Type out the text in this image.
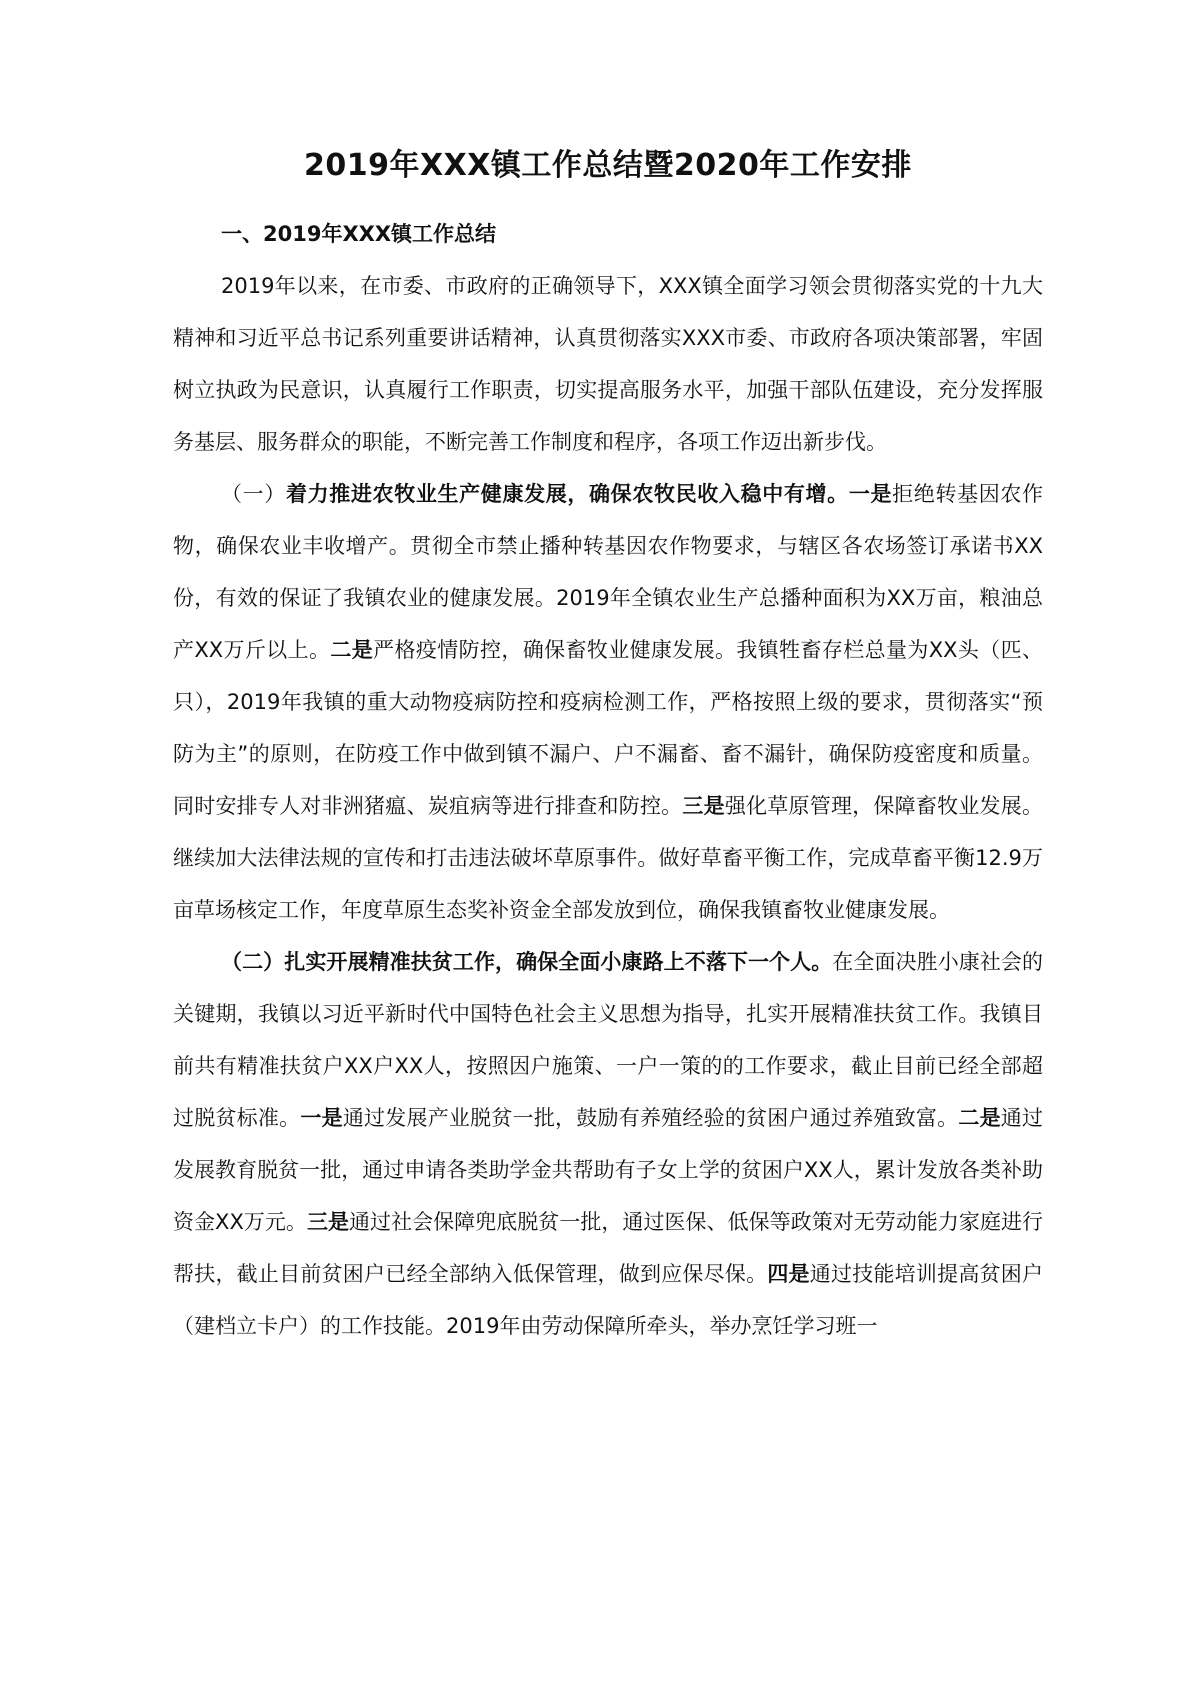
2019年XXX镇工作总结暨2020年工作安排
一、2019年XXX镇工作总结

2019年以来，在市委、市政府的正确领导下，XXX镇全面学习领会贯彻落实党的十九大精神和习近平总书记系列重要讲话精神，认真贯彻落实XXX市委、市政府各项决策部署，牢固树立执政为民意识，认真履行工作职责，切实提高服务水平，加强干部队伍建设，充分发挥服务基层、服务群众的职能，不断完善工作制度和程序，各项工作迈出新步伐。

（一）着力推进农牧业生产健康发展，确保农牧民收入稳中有增。一是拒绝转基因农作物，确保农业丰收增产。贯彻全市禁止播种转基因农作物要求，与辖区各农场签订承诺书XX份，有效的保证了我镇农业的健康发展。2019年全镇农业生产总播种面积为XX万亩，粮油总产XX万斤以上。二是严格疫情防控，确保畜牧业健康发展。我镇牲畜存栏总量为XX头（匹、只），2019年我镇的重大动物疫病防控和疫病检测工作，严格按照上级的要求，贯彻落实“预防为主”的原则，在防疫工作中做到镇不漏户、户不漏畜、畜不漏针，确保防疫密度和质量。同时安排专人对非洲猪瘟、炭疽病等进行排查和防控。三是强化草原管理，保障畜牧业发展。继续加大法律法规的宣传和打击违法破坏草原事件。做好草畜平衡工作，完成草畜平衡12.9万亩草场核定工作，年度草原生态奖补资金全部发放到位，确保我镇畜牧业健康发展。

（二）扎实开展精准扶贫工作，确保全面小康路上不落下一个人。在全面决胜小康社会的关键期，我镇以习近平新时代中国特色社会主义思想为指导，扎实开展精准扶贫工作。我镇目前共有精准扶贫户XX户XX人，按照因户施策、一户一策的的工作要求，截止目前已经全部超过脱贫标准。一是通过发展产业脱贫一批，鼓励有养殖经验的贫困户通过养殖致富。二是通过发展教育脱贫一批，通过申请各类助学金共帮助有子女上学的贫困户XX人，累计发放各类补助资金XX万元。三是通过社会保障兜底脱贫一批，通过医保、低保等政策对无劳动能力家庭进行帮扶，截止目前贫困户已经全部纳入低保管理，做到应保尽保。四是通过技能培训提高贫困户（建档立卡户）的工作技能。2019年由劳动保障所牵头，举办烹饪学习班一
